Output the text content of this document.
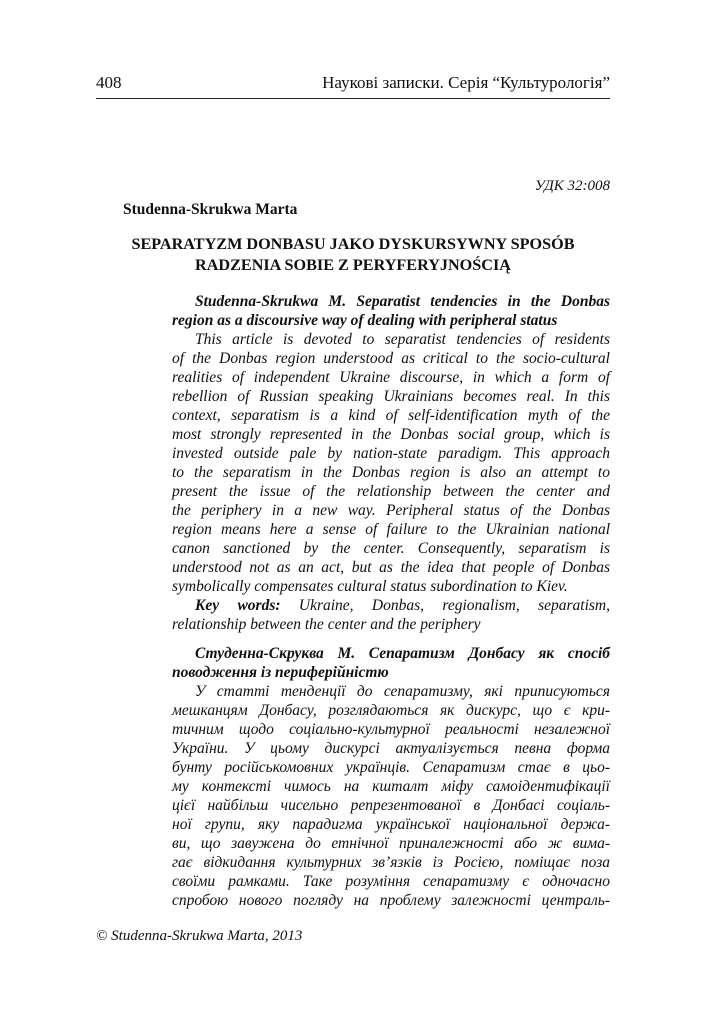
408	Наукові записки. Серія “Культурологія”
УДК 32:008
Studenna-Skrukwa Marta
SEPARATYZM DONBASU JAKO DYSKURSYWNY SPOSÓB
RADZENIA SOBIE Z PERYFERYJNOŚCIĄ

Studenna-Skrukwa M. Separatist tendencies in the Donbas
region as a discoursive way of dealing with peripheral status

This article is devoted to separatist tendencies of residents
of the Donbas region understood as critical to the socio-cultural
realities of independent Ukraine discourse, in which a form of
rebellion of Russian speaking Ukrainians becomes real. In this
context, separatism is a kind of self-identification myth of the
most strongly represented in the Donbas social group, which is
invested outside pale by nation-state paradigm. This approach
to the separatism in the Donbas region is also an attempt to
present the issue of the relationship between the center and
the periphery in a new way. Peripheral status of the Donbas
region means here a sense of failure to the Ukrainian national
canon sanctioned by the center. Consequently, separatism is
understood not as an act, but as the idea that people of Donbas
symbolically compensates cultural status subordination to Kiev.

Key words: Ukraine, Donbas, regionalism, separatism,
relationship between the center and the periphery

Студенна-Скруква М. Сепаратизм Донбасу як спосіб
поводження із периферійністю

У статті тенденції до сепаратизму, які приписуються
мешканцям Донбасу, розглядаються як дискурс, що є кри-
тичним щодо соціально-культурної реальності незалежної
України. У цьому дискурсі актуалізується певна форма
бунту російськомовних українців. Сепаратизм стає в цьо-
му контексті чимось на кшталт міфу самоідентифікації
цієї найбільш чисельно репрезентованої в Донбасі соціаль-
ної групи, яку парадигма української національної держа-
ви, що завужена до етнічної приналежності або ж вима-
гає відкидання культурних зв’язків із Росією, поміщає поза
своїми рамками. Таке розуміння сепаратизму є одночасно
спробою нового погляду на проблему залежності централь-

© Studenna-Skrukwa Marta, 2013
